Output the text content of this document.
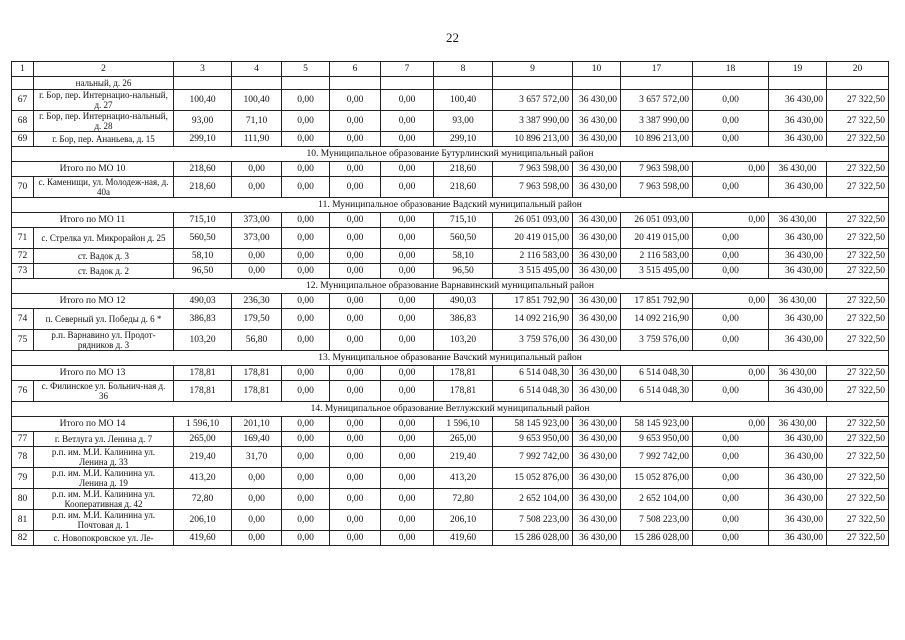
22
1	2	3	4	5	6	7	8	9	10	17	18	19	20
	нальный, д. 26												
67	г. Бор, пер. Интернацио-нальный, д. 27	100,40	100,40	0,00	0,00	0,00	100,40	3 657 572,00	36 430,00	3 657 572,00	0,00	36 430,00	27 322,50
68	г. Бор, пер. Интернацио-нальный, д. 28	93,00	71,10	0,00	0,00	0,00	93,00	3 387 990,00	36 430,00	3 387 990,00	0,00	36 430,00	27 322,50
69	г. Бор, пер. Ананьева, д. 15	299,10	111,90	0,00	0,00	0,00	299,10	10 896 213,00	36 430,00	10 896 213,00	0,00	36 430,00	27 322,50
10. Муниципальное образование Бутурлинский муниципальный район													
Итого по МО 10		218,60	0,00	0,00	0,00	0,00	218,60	7 963 598,00	36 430,00	7 963 598,00	0,00	36 430,00	27 322,50
70	с. Каменищи, ул. Молодеж-ная, д. 40а	218,60	0,00	0,00	0,00	0,00	218,60	7 963 598,00	36 430,00	7 963 598,00	0,00	36 430,00	27 322,50
11. Муниципальное образование Вадский муниципальный район													
Итого по МО 11		715,10	373,00	0,00	0,00	0,00	715,10	26 051 093,00	36 430,00	26 051 093,00	0,00	36 430,00	27 322,50
71	с. Стрелка ул. Микрорайон д. 25	560,50	373,00	0,00	0,00	0,00	560,50	20 419 015,00	36 430,00	20 419 015,00	0,00	36 430,00	27 322,50
72	ст. Вадок д. 3	58,10	0,00	0,00	0,00	0,00	58,10	2 116 583,00	36 430,00	2 116 583,00	0,00	36 430,00	27 322,50
73	ст. Вадок д. 2	96,50	0,00	0,00	0,00	0,00	96,50	3 515 495,00	36 430,00	3 515 495,00	0,00	36 430,00	27 322,50
12. Муниципальное образование Варнавинский муниципальный район													
Итого по МО 12		490,03	236,30	0,00	0,00	0,00	490,03	17 851 792,90	36 430,00	17 851 792,90	0,00	36 430,00	27 322,50
74	п. Северный ул. Победы д. 6 *	386,83	179,50	0,00	0,00	0,00	386,83	14 092 216,90	36 430,00	14 092 216,90	0,00	36 430,00	27 322,50
75	р.п. Варнавино ул. Продот-рядников д. 3	103,20	56,80	0,00	0,00	0,00	103,20	3 759 576,00	36 430,00	3 759 576,00	0,00	36 430,00	27 322,50
13. Муниципальное образование Вачский муниципальный район													
Итого по МО 13		178,81	178,81	0,00	0,00	0,00	178,81	6 514 048,30	36 430,00	6 514 048,30	0,00	36 430,00	27 322,50
76	с. Филинское ул. Больнич-ная д. 36	178,81	178,81	0,00	0,00	0,00	178,81	6 514 048,30	36 430,00	6 514 048,30	0,00	36 430,00	27 322,50
14. Муниципальное образование Ветлужский муниципальный район													
Итого по МО 14		1 596,10	201,10	0,00	0,00	0,00	1 596,10	58 145 923,00	36 430,00	58 145 923,00	0,00	36 430,00	27 322,50
77	г. Ветлуга ул. Ленина д. 7	265,00	169,40	0,00	0,00	0,00	265,00	9 653 950,00	36 430,00	9 653 950,00	0,00	36 430,00	27 322,50
78	р.п. им. М.И. Калинина ул. Ленина д. 33	219,40	31,70	0,00	0,00	0,00	219,40	7 992 742,00	36 430,00	7 992 742,00	0,00	36 430,00	27 322,50
79	р.п. им. М.И. Калинина ул. Ленина д. 19	413,20	0,00	0,00	0,00	0,00	413,20	15 052 876,00	36 430,00	15 052 876,00	0,00	36 430,00	27 322,50
80	р.п. им. М.И. Калинина ул. Кооперативная д. 42	72,80	0,00	0,00	0,00	0,00	72,80	2 652 104,00	36 430,00	2 652 104,00	0,00	36 430,00	27 322,50
81	р.п. им. М.И. Калинина ул. Почтовая д. 1	206,10	0,00	0,00	0,00	0,00	206,10	7 508 223,00	36 430,00	7 508 223,00	0,00	36 430,00	27 322,50
82	с. Новопокровское ул. Ле-	419,60	0,00	0,00	0,00	0,00	419,60	15 286 028,00	36 430,00	15 286 028,00	0,00	36 430,00	27 322,50
